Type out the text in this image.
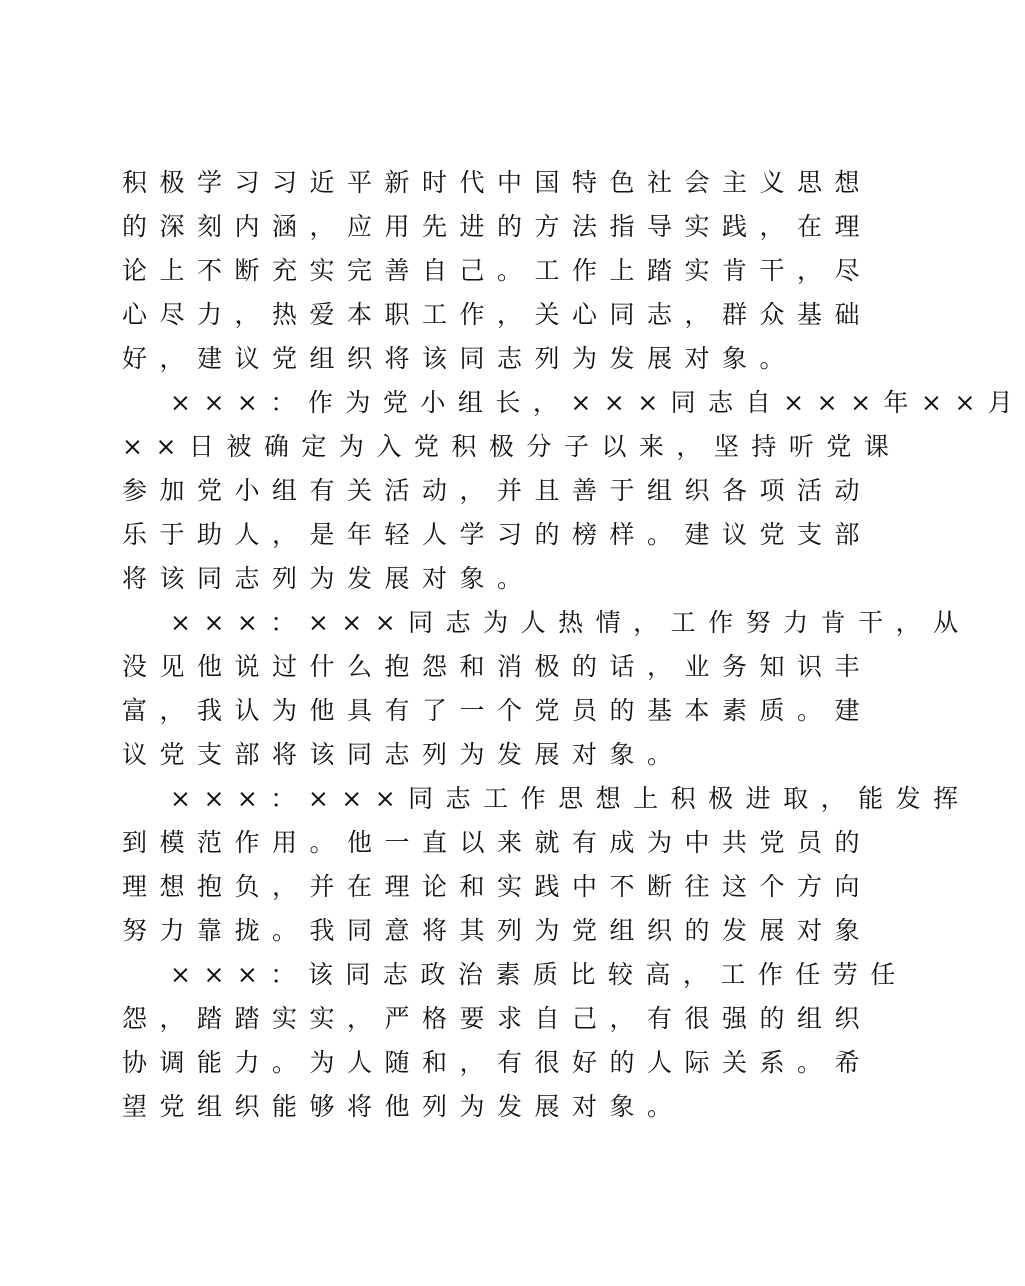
积极学习习近平新时代中国特色社会主义思想
的深刻内涵，应用先进的方法指导实践，在理
论上不断充实完善自己。工作上踏实肯干，尽
心尽力，热爱本职工作，关心同志，群众基础
好，建议党组织将该同志列为发展对象。
×××：作为党小组长，×××同志自×××年××月
××日被确定为入党积极分子以来，坚持听党课
参加党小组有关活动，并且善于组织各项活动
乐于助人，是年轻人学习的榜样。建议党支部
将该同志列为发展对象。
×××：×××同志为人热情，工作努力肯干，从
没见他说过什么抱怨和消极的话，业务知识丰
富，我认为他具有了一个党员的基本素质。建
议党支部将该同志列为发展对象。
×××：×××同志工作思想上积极进取，能发挥
到模范作用。他一直以来就有成为中共党员的
理想抱负，并在理论和实践中不断往这个方向
努力靠拢。我同意将其列为党组织的发展对象
×××：该同志政治素质比较高，工作任劳任
怨，踏踏实实，严格要求自己，有很强的组织
协调能力。为人随和，有很好的人际关系。希
望党组织能够将他列为发展对象。
